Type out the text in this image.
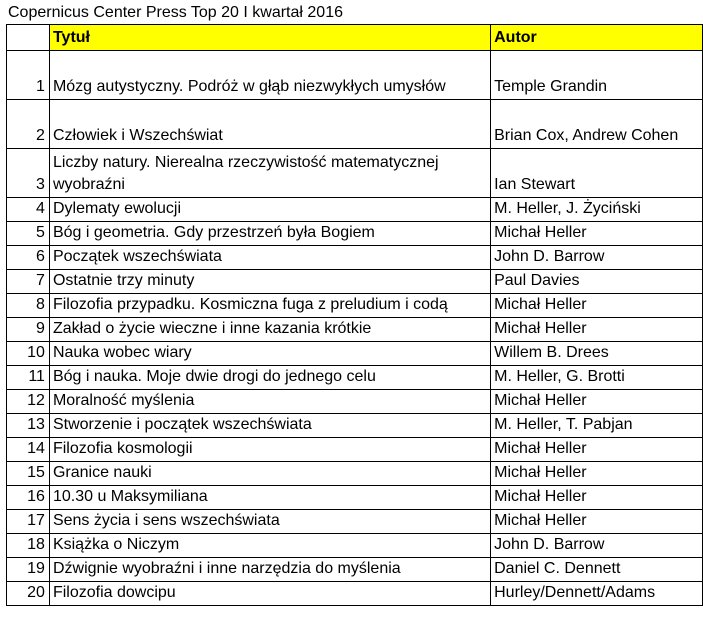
Copernicus Center Press Top 20 I kwartał 2016
	Tytuł	Autor
1	Mózg autystyczny. Podróż w głąb niezwykłych umysłów	Temple Grandin
2	Człowiek i Wszechświat	Brian Cox, Andrew Cohen

3	Liczby natury. Nierealna rzeczywistość matematycznej wyobraźni	Ian Stewart
4	Dylematy ewolucji	M. Heller, J. Życiński
5	Bóg i geometria. Gdy przestrzeń była Bogiem	Michał Heller
6	Początek wszechświata	John D. Barrow
7	Ostatnie trzy minuty	Paul Davies
8	Filozofia przypadku. Kosmiczna fuga z preludium i codą	Michał Heller
9	Zakład o życie wieczne i inne kazania krótkie	Michał Heller
10	Nauka wobec wiary	Willem B. Drees
11	Bóg i nauka. Moje dwie drogi do jednego celu	M. Heller, G. Brotti
12	Moralność myślenia	Michał Heller
13	Stworzenie i początek wszechświata	M. Heller, T. Pabjan
14	Filozofia kosmologii	Michał Heller
15	Granice nauki	Michał Heller
16	10.30 u Maksymiliana	Michał Heller
17	Sens życia i sens wszechświata	Michał Heller
18	Książka o Niczym	John D. Barrow
19	Dźwignie wyobraźni i inne narzędzia do myślenia	Daniel C. Dennett
20	Filozofia dowcipu	Hurley/Dennett/Adams
